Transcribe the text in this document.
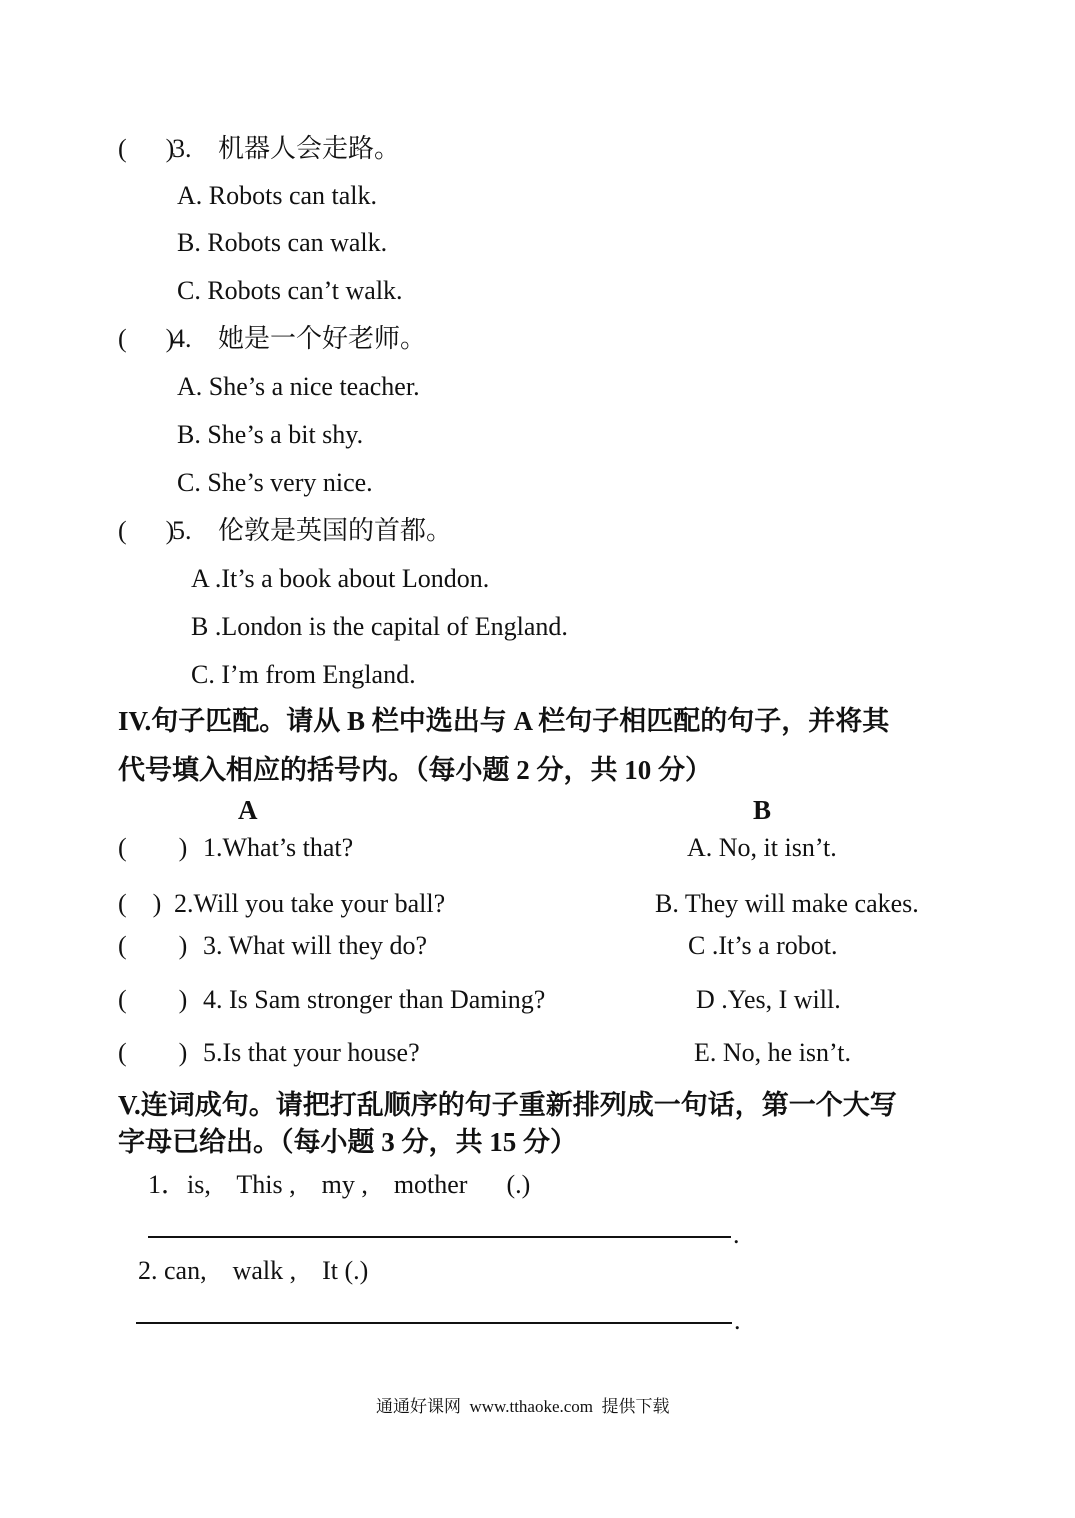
(      )
3. 机器人会走路。
A. Robots can talk.
B. Robots can walk.
C. Robots can’t walk.
(      )
4. 她是一个好老师。
A. She’s a nice teacher.
B. She’s a bit shy.
C. She’s very nice.
(      )
5. 伦敦是英国的首都。
A .It’s a book about London.
B .London is the capital of England.
C. I’m from England.
IV.句子匹配。请从 B 栏中选出与 A 栏句子相匹配的句子，并将其
代号填入相应的括号内。（每小题 2 分，共 10 分）
A	B
(        ) 1.What’s that?	A. No, it isn’t.
(    ) 2.Will you take your ball?	B. They will make cakes.
(        ) 3. What will they do?	C .It’s a robot.
(        ) 4. Is Sam stronger than Daming?	D .Yes, I will.
(        ) 5.Is that your house?	E. No, he isn’t.
V.连词成句。请把打乱顺序的句子重新排列成一句话，第一个大写
字母已给出。（每小题 3 分，共 15 分）
1．is,    This ,    my ,    mother      (.)
.
2. can,    walk ,    It (.)
.
通通好课网  www.tthaoke.com  提供下载
